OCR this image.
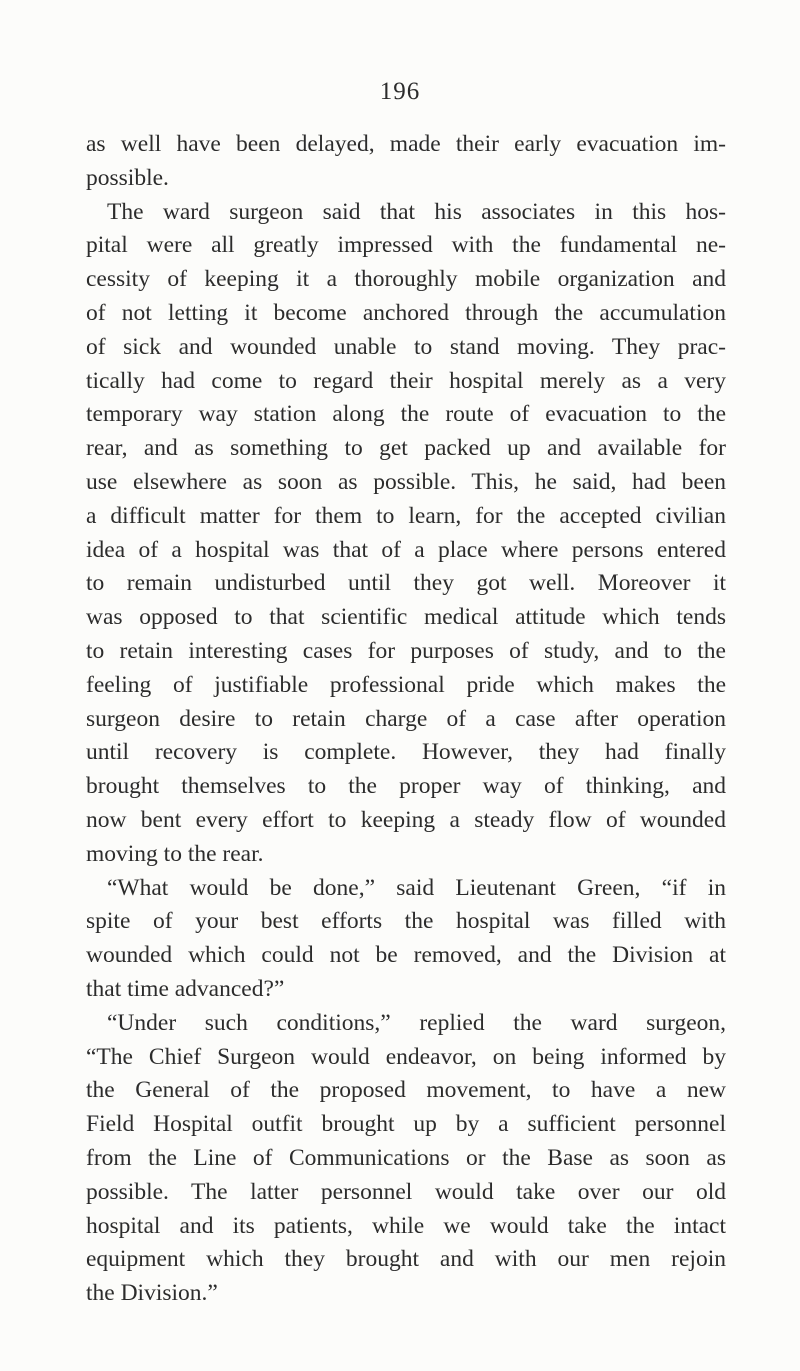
196
as well have been delayed, made their early evacuation im-
possible.
The ward surgeon said that his associates in this hos-
pital were all greatly impressed with the fundamental ne-
cessity of keeping it a thoroughly mobile organization and
of not letting it become anchored through the accumulation
of sick and wounded unable to stand moving. They prac-
tically had come to regard their hospital merely as a very
temporary way station along the route of evacuation to the
rear, and as something to get packed up and available for
use elsewhere as soon as possible. This, he said, had been
a difficult matter for them to learn, for the accepted civilian
idea of a hospital was that of a place where persons entered
to remain undisturbed until they got well. Moreover it
was opposed to that scientific medical attitude which tends
to retain interesting cases for purposes of study, and to the
feeling of justifiable professional pride which makes the
surgeon desire to retain charge of a case after operation
until recovery is complete. However, they had finally
brought themselves to the proper way of thinking, and
now bent every effort to keeping a steady flow of wounded
moving to the rear.
“What would be done,” said Lieutenant Green, “if in
spite of your best efforts the hospital was filled with
wounded which could not be removed, and the Division at
that time advanced?”
“Under such conditions,” replied the ward surgeon,
“The Chief Surgeon would endeavor, on being informed by
the General of the proposed movement, to have a new
Field Hospital outfit brought up by a sufficient personnel
from the Line of Communications or the Base as soon as
possible. The latter personnel would take over our old
hospital and its patients, while we would take the intact
equipment which they brought and with our men rejoin
the Division.”
